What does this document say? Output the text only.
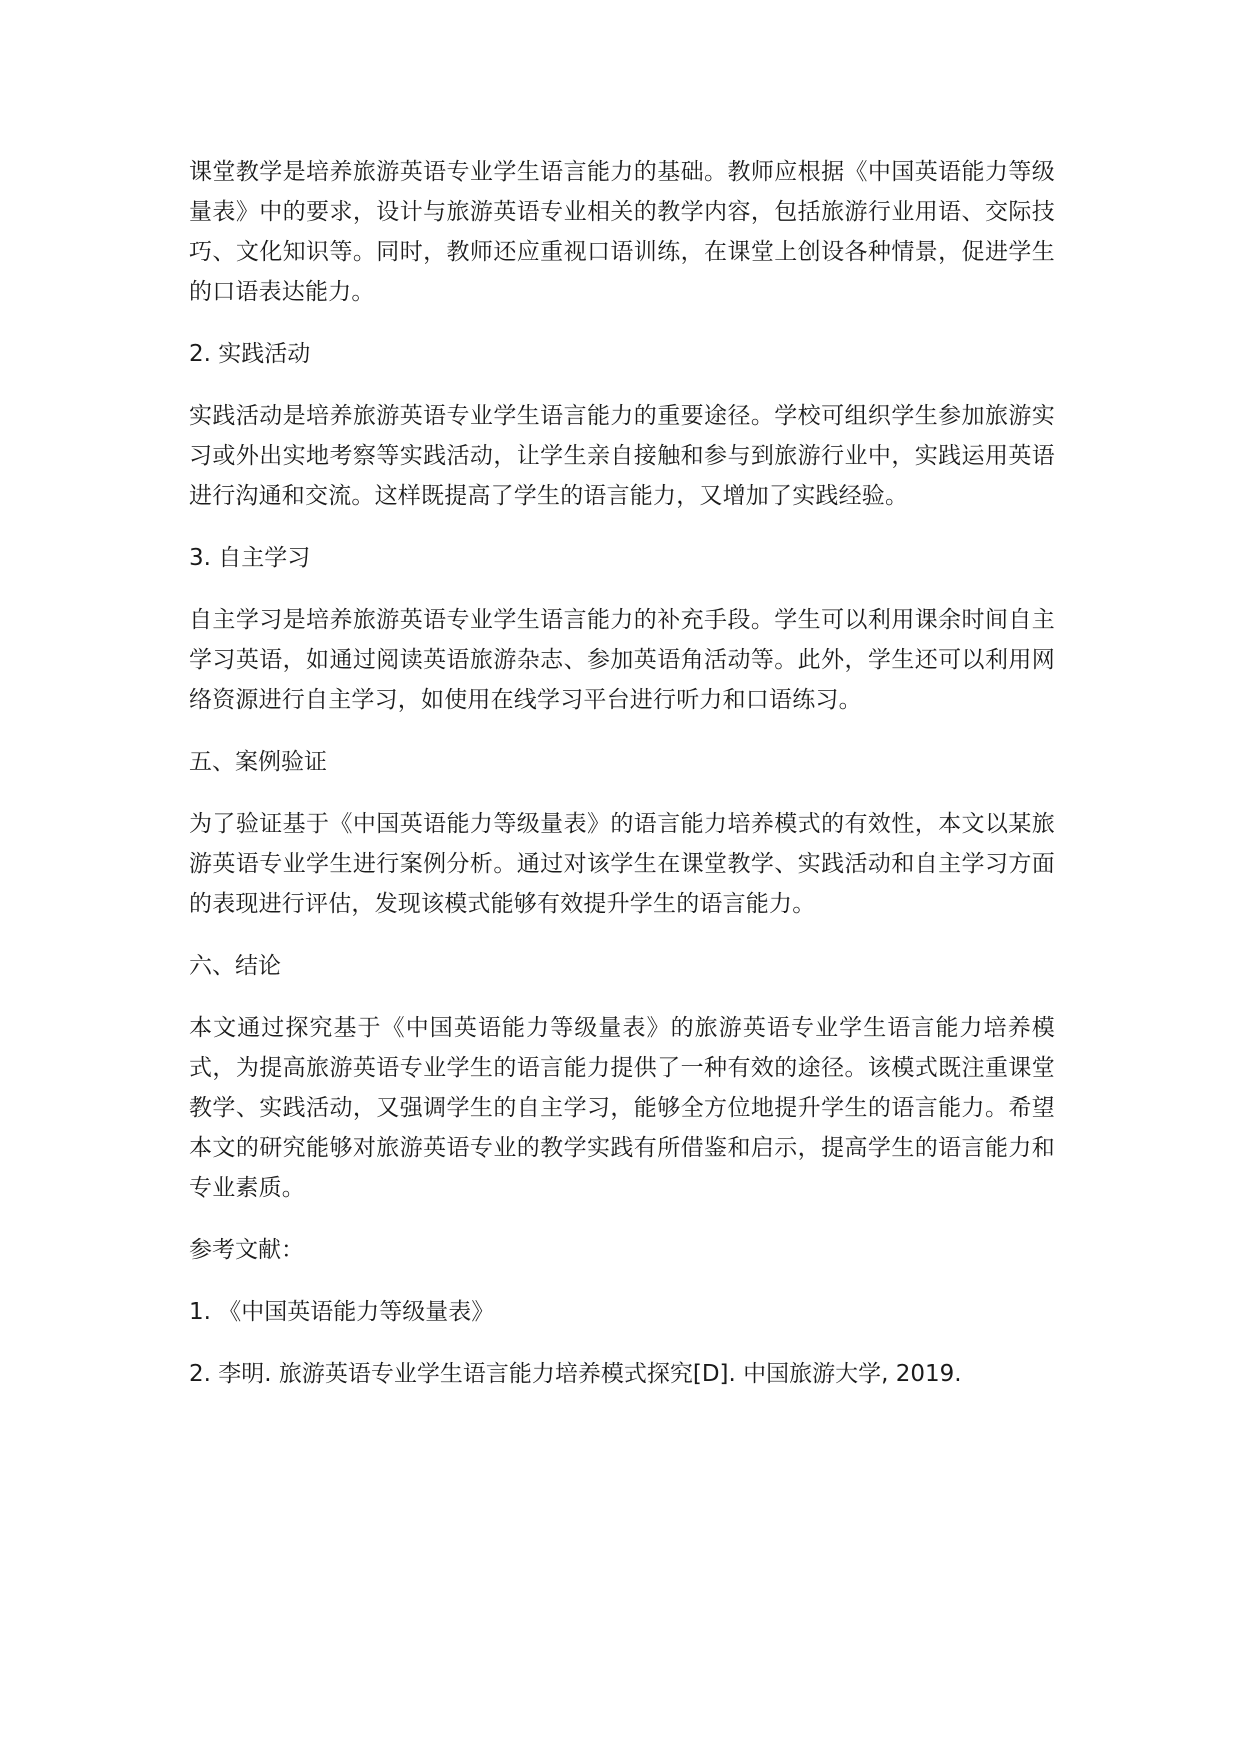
课堂教学是培养旅游英语专业学生语言能力的基础。教师应根据《中国英语能力等级量表》中的要求，设计与旅游英语专业相关的教学内容，包括旅游行业用语、交际技巧、文化知识等。同时，教师还应重视口语训练，在课堂上创设各种情景，促进学生的口语表达能力。

2. 实践活动

实践活动是培养旅游英语专业学生语言能力的重要途径。学校可组织学生参加旅游实习或外出实地考察等实践活动，让学生亲自接触和参与到旅游行业中，实践运用英语进行沟通和交流。这样既提高了学生的语言能力，又增加了实践经验。

3. 自主学习

自主学习是培养旅游英语专业学生语言能力的补充手段。学生可以利用课余时间自主学习英语，如通过阅读英语旅游杂志、参加英语角活动等。此外，学生还可以利用网络资源进行自主学习，如使用在线学习平台进行听力和口语练习。

五、案例验证

为了验证基于《中国英语能力等级量表》的语言能力培养模式的有效性，本文以某旅游英语专业学生进行案例分析。通过对该学生在课堂教学、实践活动和自主学习方面的表现进行评估，发现该模式能够有效提升学生的语言能力。

六、结论

本文通过探究基于《中国英语能力等级量表》的旅游英语专业学生语言能力培养模式，为提高旅游英语专业学生的语言能力提供了一种有效的途径。该模式既注重课堂教学、实践活动，又强调学生的自主学习，能够全方位地提升学生的语言能力。希望本文的研究能够对旅游英语专业的教学实践有所借鉴和启示，提高学生的语言能力和专业素质。

参考文献：

1. 《中国英语能力等级量表》

2. 李明. 旅游英语专业学生语言能力培养模式探究[D]. 中国旅游大学, 2019.
